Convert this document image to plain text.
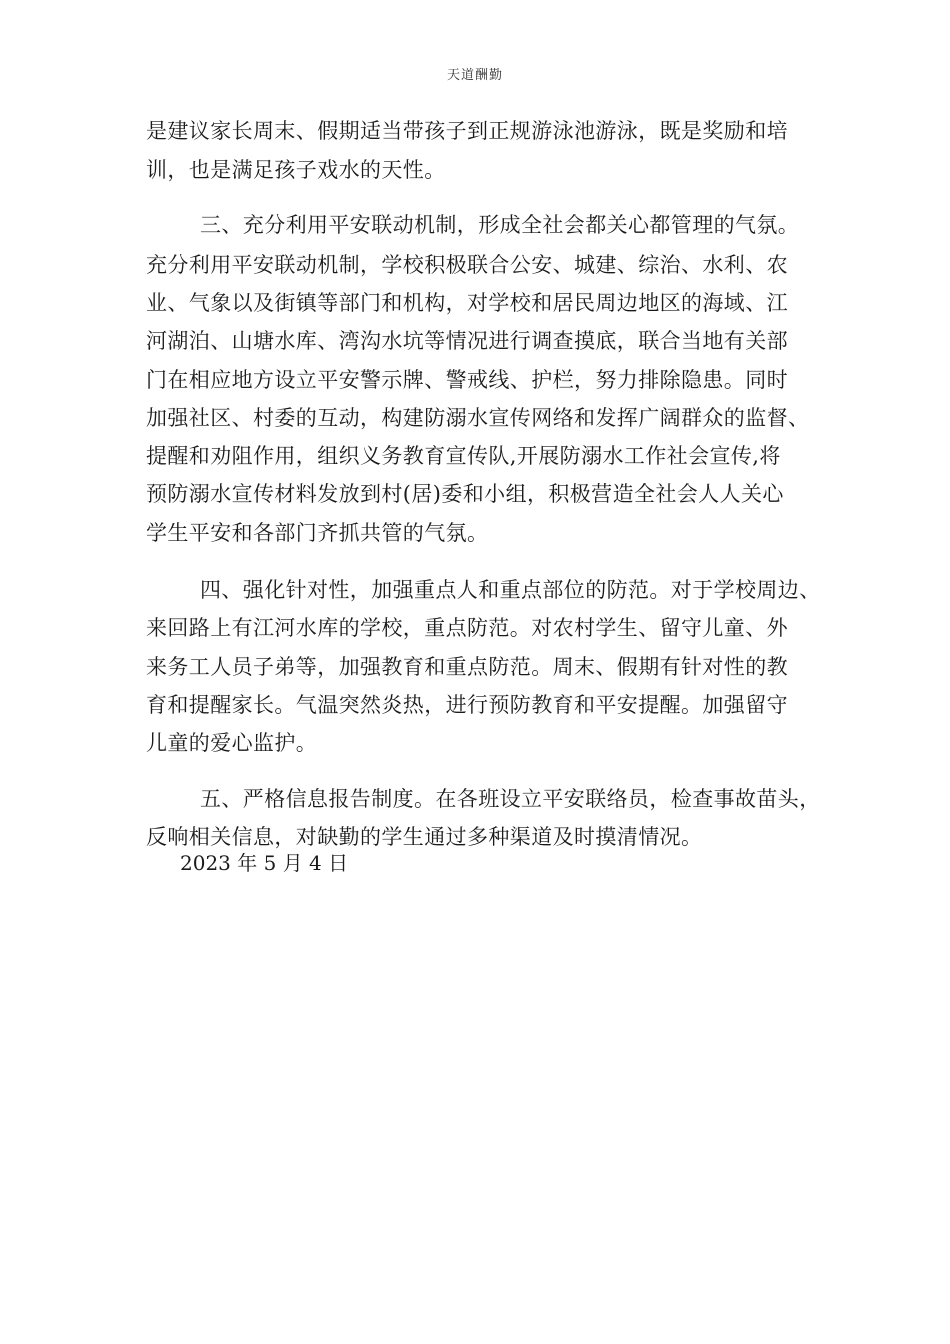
天道酬勤
是建议家长周末、假期适当带孩子到正规游泳池游泳，既是奖励和培
训，也是满足孩子戏水的天性。
三、充分利用平安联动机制，形成全社会都关心都管理的气氛。
充分利用平安联动机制，学校积极联合公安、城建、综治、水利、农
业、气象以及街镇等部门和机构，对学校和居民周边地区的海域、江
河湖泊、山塘水库、湾沟水坑等情况进行调查摸底，联合当地有关部
门在相应地方设立平安警示牌、警戒线、护栏，努力排除隐患。同时
加强社区、村委的互动，构建防溺水宣传网络和发挥广阔群众的监督、
提醒和劝阻作用，组织义务教育宣传队,开展防溺水工作社会宣传,将
预防溺水宣传材料发放到村(居)委和小组，积极营造全社会人人关心
学生平安和各部门齐抓共管的气氛。
四、强化针对性，加强重点人和重点部位的防范。对于学校周边、
来回路上有江河水库的学校，重点防范。对农村学生、留守儿童、外
来务工人员子弟等，加强教育和重点防范。周末、假期有针对性的教
育和提醒家长。气温突然炎热，进行预防教育和平安提醒。加强留守
儿童的爱心监护。
五、严格信息报告制度。在各班设立平安联络员，检查事故苗头，
反响相关信息，对缺勤的学生通过多种渠道及时摸清情况。
2023 年 5 月 4 日
